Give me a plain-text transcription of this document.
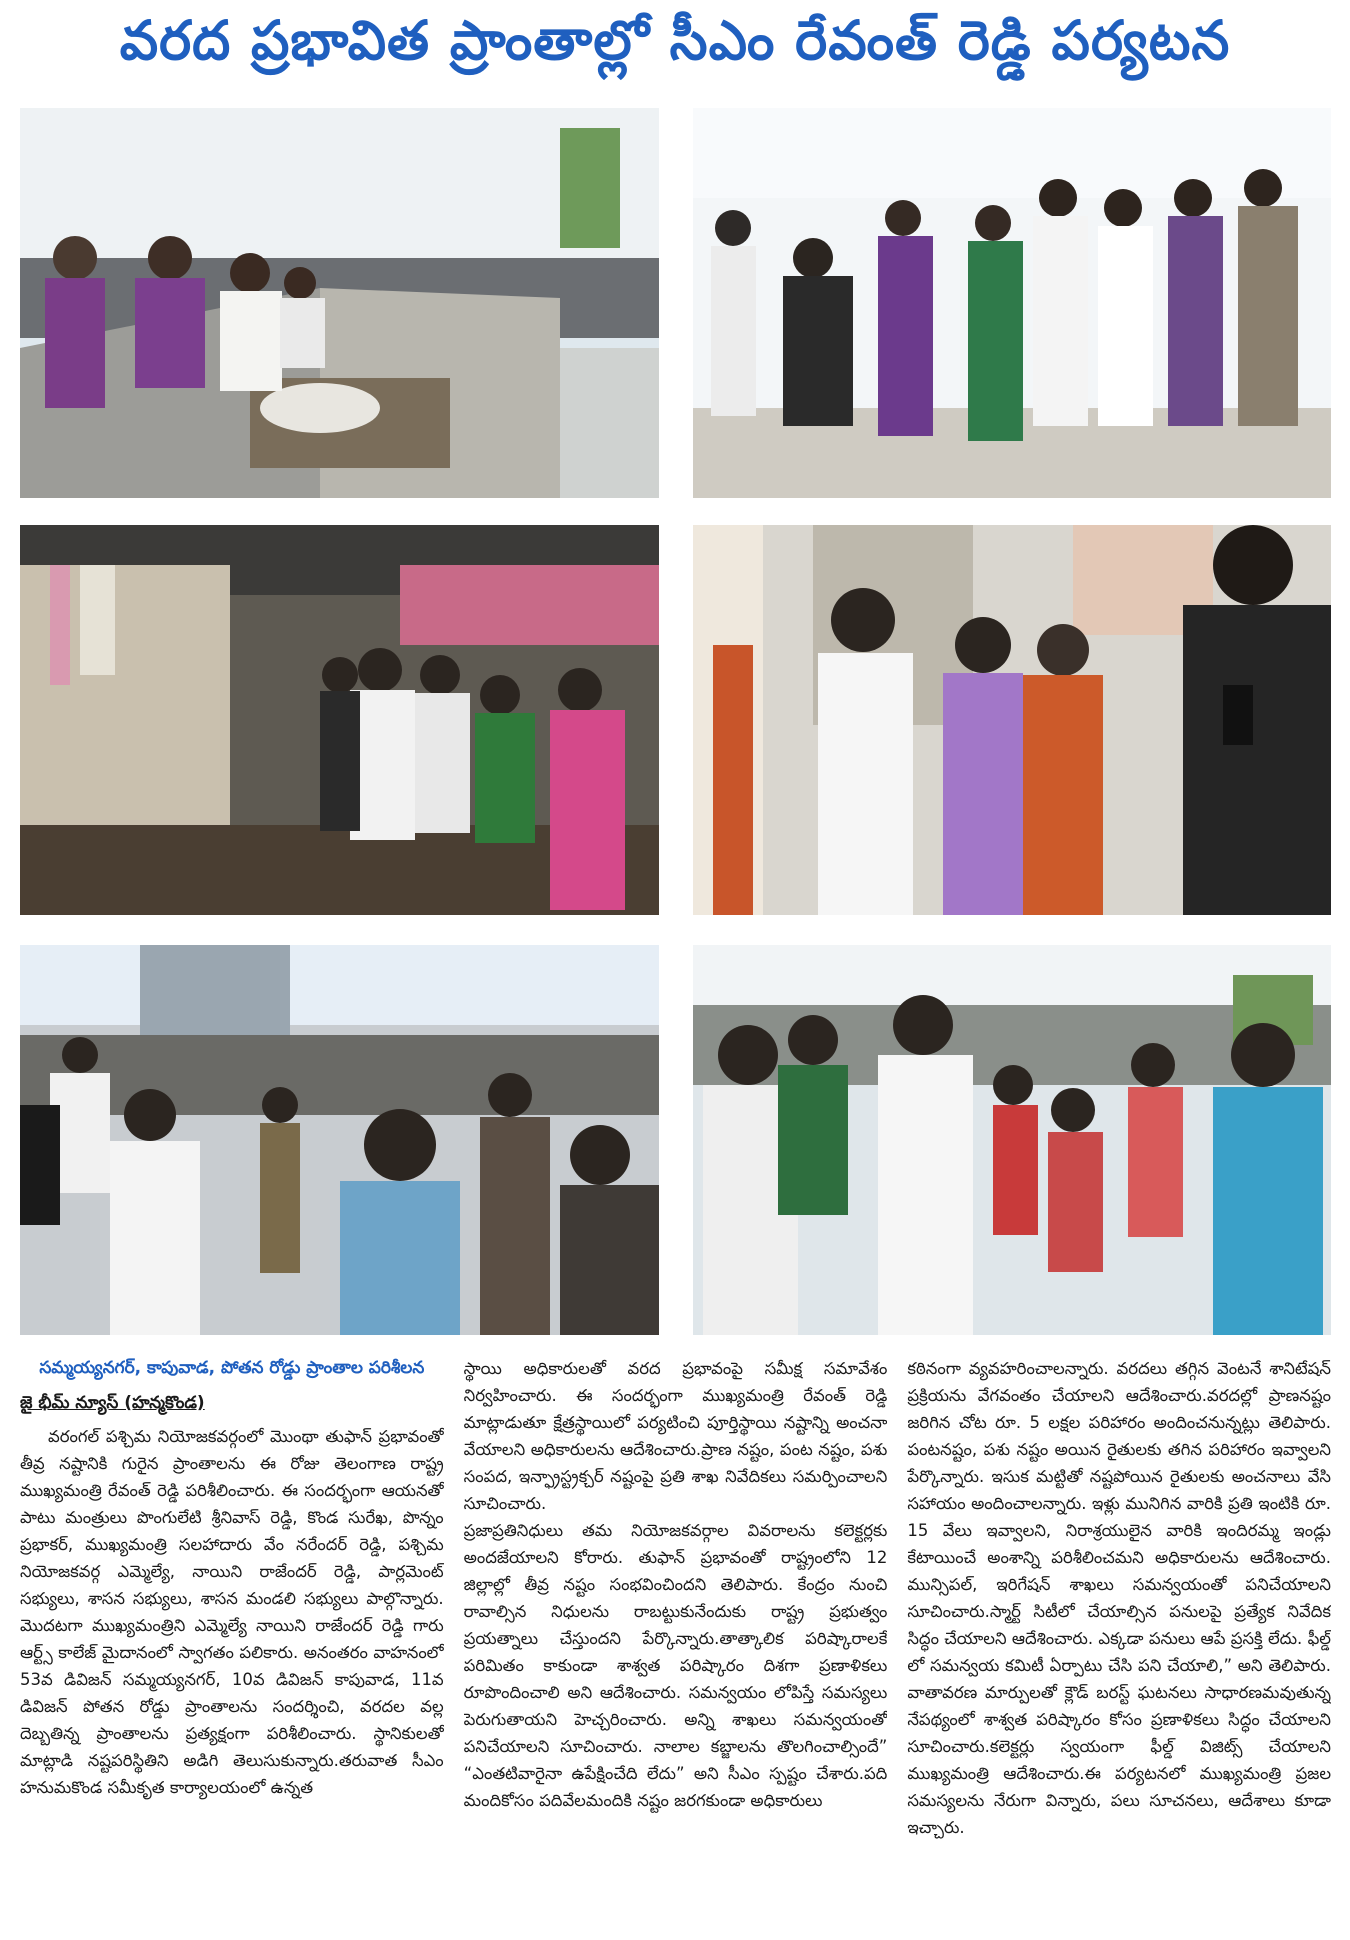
వరద ప్రభావిత ప్రాంతాల్లో సీఎం రేవంత్ రెడ్డి పర్యటన
సమ్మయ్యనగర్, కాపువాడ, పోతన రోడ్డు ప్రాంతాల పరిశీలన
జై భీమ్ న్యూస్ (హన్మకొండ)

వరంగల్ పశ్చిమ నియోజకవర్గంలో మొంథా తుఫాన్ ప్రభావంతో తీవ్ర నష్టానికి గురైన ప్రాంతాలను ఈ రోజు తెలంగాణ రాష్ట్ర ముఖ్యమంత్రి రేవంత్ రెడ్డి పరిశీలించారు. ఈ సందర్భంగా ఆయనతో పాటు మంత్రులు పొంగులేటి శ్రీనివాస్ రెడ్డి, కొండ సురేఖ, పొన్నం ప్రభాకర్, ముఖ్యమంత్రి సలహాదారు వేం నరేందర్ రెడ్డి, పశ్చిమ నియోజకవర్గ ఎమ్మెల్యే, నాయిని రాజేందర్ రెడ్డి, పార్లమెంట్ సభ్యులు, శాసన సభ్యులు, శాసన మండలి సభ్యులు పాల్గొన్నారు. మొదటగా ముఖ్యమంత్రిని ఎమ్మెల్యే నాయిని రాజేందర్ రెడ్డి గారు ఆర్ట్స్ కాలేజ్ మైదానంలో స్వాగతం పలికారు. అనంతరం వాహనంలో 53వ డివిజన్ సమ్మయ్యనగర్, 10వ డివిజన్ కాపువాడ, 11వ డివిజన్ పోతన రోడ్డు ప్రాంతాలను సందర్శించి, వరదల వల్ల దెబ్బతిన్న ప్రాంతాలను ప్రత్యక్షంగా పరిశీలించారు. స్థానికులతో మాట్లాడి నష్టపరిస్థితిని అడిగి తెలుసుకున్నారు.తరువాత సీఎం హనుమకొండ సమీకృత కార్యాలయంలో ఉన్నత

స్థాయి అధికారులతో వరద ప్రభావంపై సమీక్ష సమావేశం నిర్వహించారు. ఈ సందర్భంగా ముఖ్యమంత్రి రేవంత్ రెడ్డి మాట్లాడుతూ క్షేత్రస్థాయిలో పర్యటించి పూర్తిస్థాయి నష్టాన్ని అంచనా వేయాలని అధికారులను ఆదేశించారు.ప్రాణ నష్టం, పంట నష్టం, పశు సంపద, ఇన్ఫ్రాస్ట్రక్చర్ నష్టంపై ప్రతి శాఖ నివేదికలు సమర్పించాలని సూచించారు.

ప్రజాప్రతినిధులు తమ నియోజకవర్గాల వివరాలను కలెక్టర్లకు అందజేయాలని కోరారు. తుఫాన్ ప్రభావంతో రాష్ట్రంలోని 12 జిల్లాల్లో తీవ్ర నష్టం సంభవించిందని తెలిపారు. కేంద్రం నుంచి రావాల్సిన నిధులను రాబట్టుకునేందుకు రాష్ట్ర ప్రభుత్వం ప్రయత్నాలు చేస్తుందని పేర్కొన్నారు.తాత్కాలిక పరిష్కారాలకే పరిమితం కాకుండా శాశ్వత పరిష్కారం దిశగా ప్రణాళికలు రూపొందించాలి అని ఆదేశించారు. సమన్వయం లోపిస్తే సమస్యలు పెరుగుతాయని హెచ్చరించారు. అన్ని శాఖలు సమన్వయంతో పనిచేయాలని సూచించారు. నాలాల కబ్జాలను తొలగించాల్సిందే” “ఎంతటివారైనా ఉపేక్షించేది లేదు” అని సీఎం స్పష్టం చేశారు.పది మందికోసం పదివేలమందికి నష్టం జరగకుండా అధికారులు

కఠినంగా వ్యవహరించాలన్నారు. వరదలు తగ్గిన వెంటనే శానిటేషన్ ప్రక్రియను వేగవంతం చేయాలని ఆదేశించారు.వరదల్లో ప్రాణనష్టం జరిగిన చోట రూ. 5 లక్షల పరిహారం అందించనున్నట్లు తెలిపారు. పంటనష్టం, పశు నష్టం అయిన రైతులకు తగిన పరిహారం ఇవ్వాలని పేర్కొన్నారు. ఇసుక మట్టితో నష్టపోయిన రైతులకు అంచనాలు వేసి సహాయం అందించాలన్నారు. ఇళ్లు మునిగిన వారికి ప్రతి ఇంటికి రూ. 15 వేలు ఇవ్వాలని, నిరాశ్రయులైన వారికి ఇందిరమ్మ ఇండ్లు కేటాయించే అంశాన్ని పరిశీలించమని అధికారులను ఆదేశించారు. మున్సిపల్, ఇరిగేషన్ శాఖలు సమన్వయంతో పనిచేయాలని సూచించారు.స్మార్ట్ సిటీలో చేయాల్సిన పనులపై ప్రత్యేక నివేదిక సిద్ధం చేయాలని ఆదేశించారు. ఎక్కడా పనులు ఆపే ప్రసక్తి లేదు. ఫీల్డ్ లో సమన్వయ కమిటీ ఏర్పాటు చేసి పని చేయాలి,” అని తెలిపారు. వాతావరణ మార్పులతో క్లౌడ్ బరస్ట్ ఘటనలు సాధారణమవుతున్న నేపథ్యంలో శాశ్వత పరిష్కారం కోసం ప్రణాళికలు సిద్ధం చేయాలని సూచించారు.కలెక్టర్లు స్వయంగా ఫీల్డ్ విజిట్స్ చేయాలని ముఖ్యమంత్రి ఆదేశించారు.ఈ పర్యటనలో ముఖ్యమంత్రి ప్రజల సమస్యలను నేరుగా విన్నారు, పలు సూచనలు, ఆదేశాలు కూడా ఇచ్చారు.
